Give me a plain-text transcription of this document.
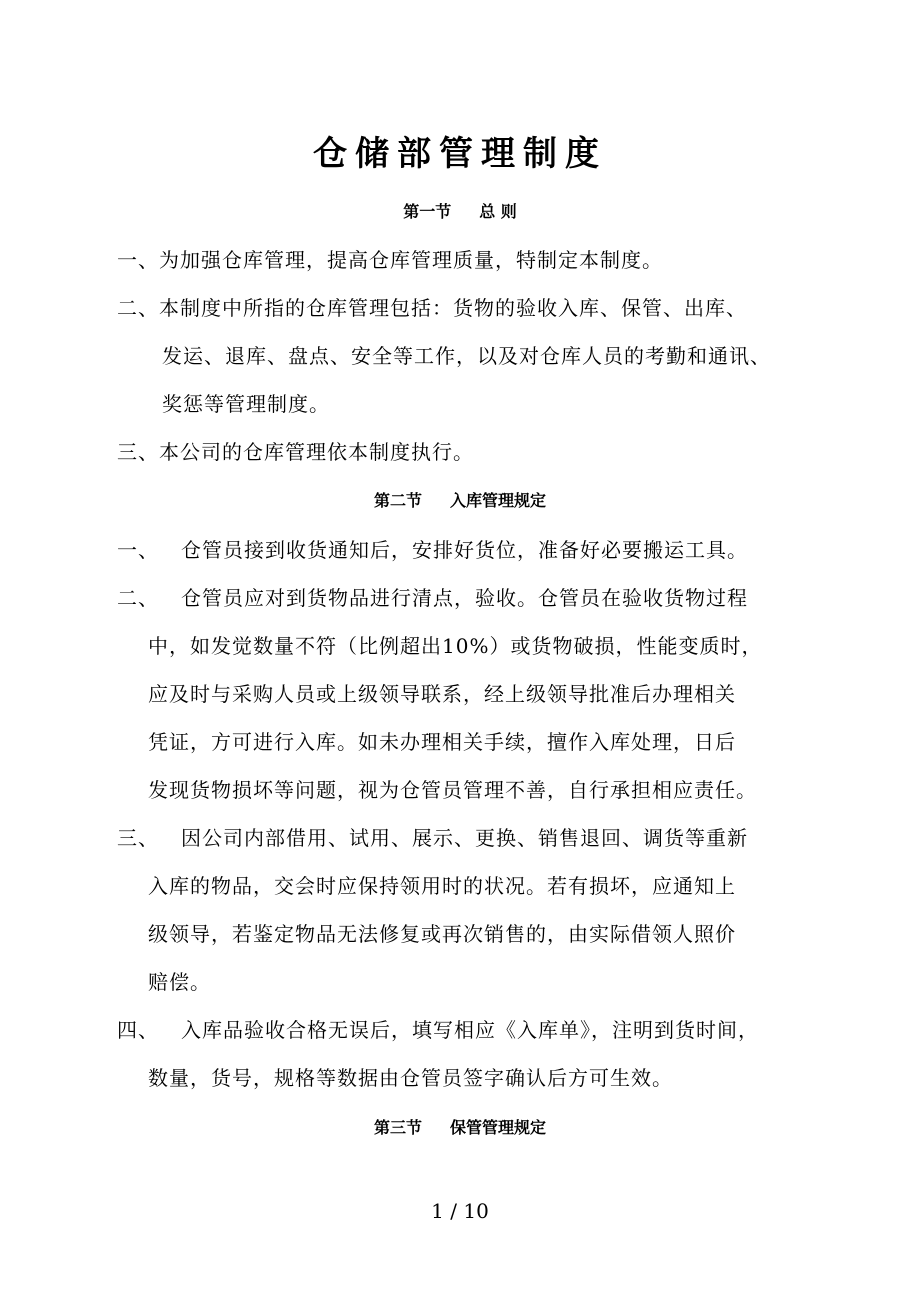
仓储部管理制度
第一节 总 则
一、为加强仓库管理，提高仓库管理质量，特制定本制度。
二、本制度中所指的仓库管理包括：货物的验收入库、保管、出库、
发运、退库、盘点、安全等工作，以及对仓库人员的考勤和通讯、
奖惩等管理制度。
三、本公司的仓库管理依本制度执行。
第二节 入库管理规定
一、 仓管员接到收货通知后，安排好货位，准备好必要搬运工具。
二、 仓管员应对到货物品进行清点，验收。仓管员在验收货物过程
中，如发觉数量不符（比例超出10%）或货物破损，性能变质时，
应及时与采购人员或上级领导联系，经上级领导批准后办理相关
凭证，方可进行入库。如未办理相关手续，擅作入库处理，日后
发现货物损坏等问题，视为仓管员管理不善，自行承担相应责任。
三、 因公司内部借用、试用、展示、更换、销售退回、调货等重新
入库的物品，交会时应保持领用时的状况。若有损坏，应通知上
级领导，若鉴定物品无法修复或再次销售的，由实际借领人照价
赔偿。
四、 入库品验收合格无误后，填写相应《入库单》，注明到货时间，
数量，货号，规格等数据由仓管员签字确认后方可生效。
第三节 保管管理规定
1 / 10
